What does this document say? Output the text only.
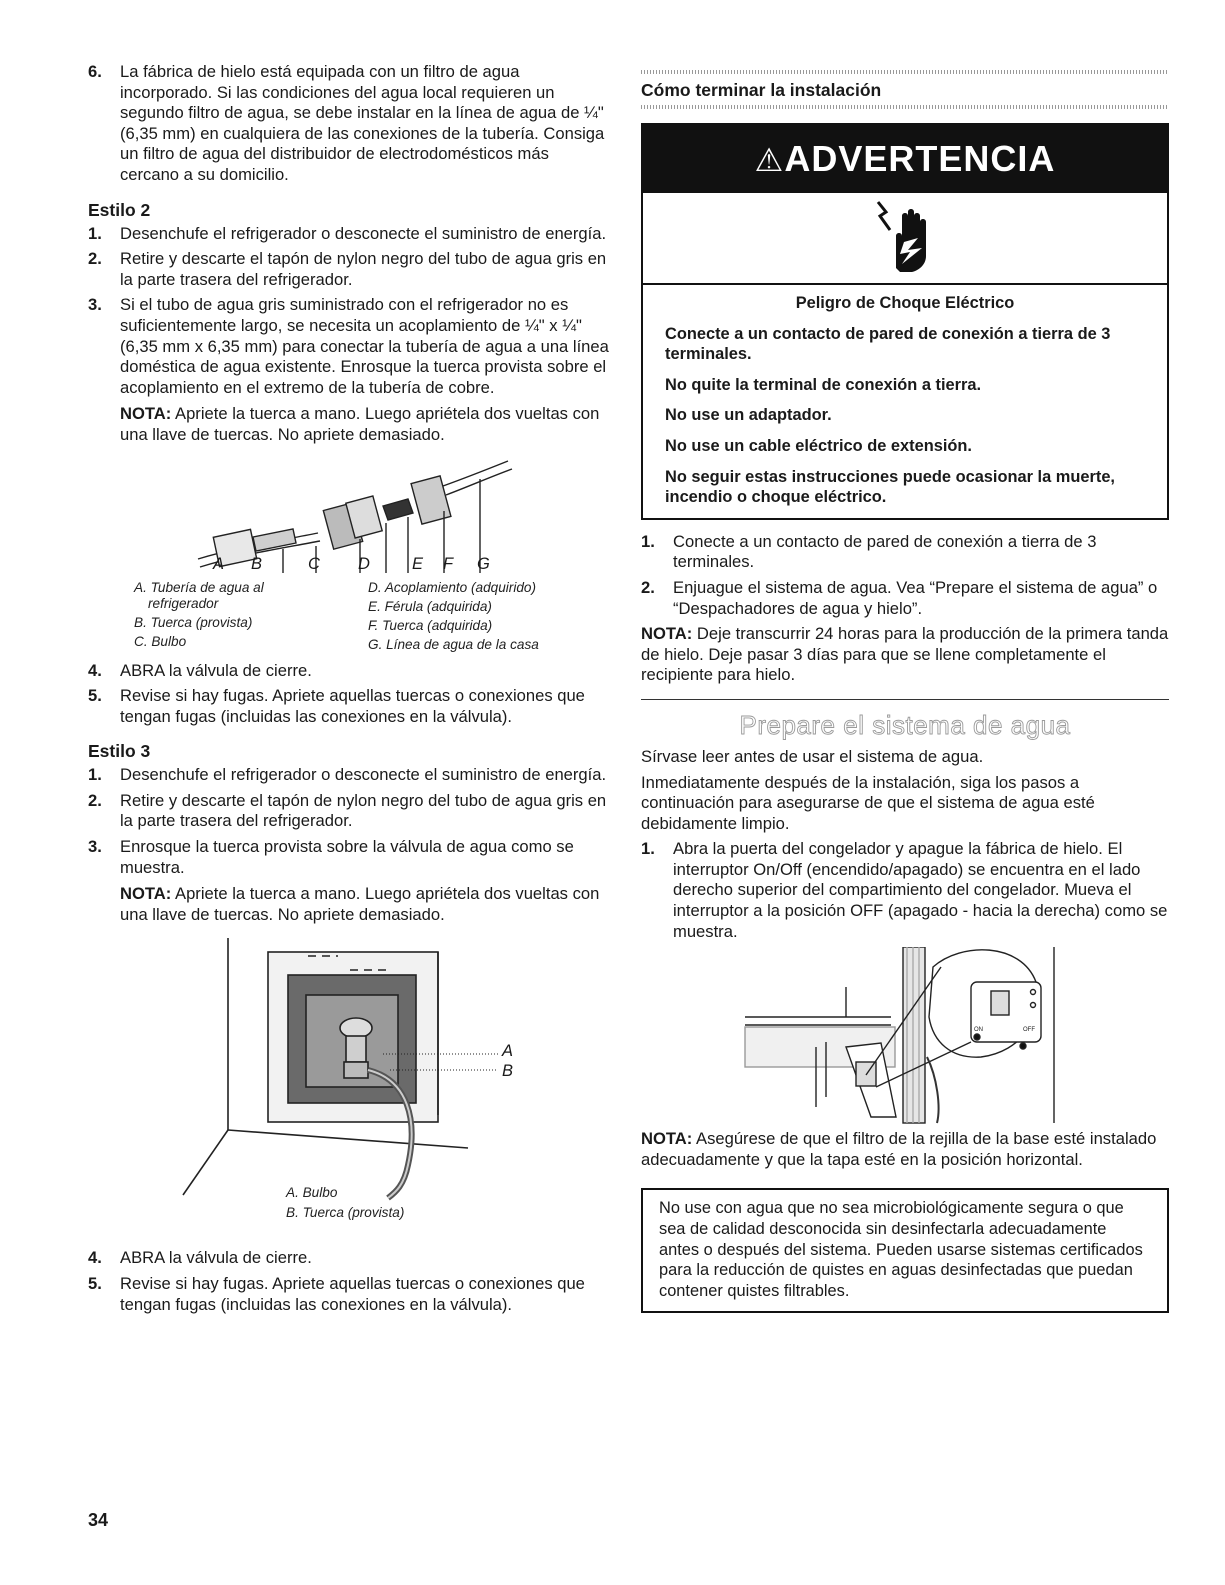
6. La fábrica de hielo está equipada con un filtro de agua incorporado. Si las condiciones del agua local requieren un segundo filtro de agua, se debe instalar en la línea de agua de ¼" (6,35 mm) en cualquiera de las conexiones de la tubería. Consiga un filtro de agua del distribuidor de electrodomésticos más cercano a su domicilio.
Estilo 2
1. Desenchufe el refrigerador o desconecte el suministro de energía.
2. Retire y descarte el tapón de nylon negro del tubo de agua gris en la parte trasera del refrigerador.
3. Si el tubo de agua gris suministrado con el refrigerador no es suficientemente largo, se necesita un acoplamiento de ¼" x ¼" (6,35 mm x 6,35 mm) para conectar la tubería de agua a una línea doméstica de agua existente. Enrosque la tuerca provista sobre el acoplamiento en el extremo de la tubería de cobre.

NOTA: Apriete la tuerca a mano. Luego apriétela dos vueltas con una llave de tuercas. No apriete demasiado.

A B	C D	E F G
A. Tubería de agua al
refrigerador
B. Tuerca (provista)
C. Bulbo
D. Acoplamiento (adquirido)
E. Férula (adquirida)
F. Tuerca (adquirida)
G. Línea de agua de la casa
4. ABRA la válvula de cierre.
5. Revise si hay fugas. Apriete aquellas tuercas o conexiones que tengan fugas (incluidas las conexiones en la válvula).
Estilo 3
1. Desenchufe el refrigerador o desconecte el suministro de energía.
2. Retire y descarte el tapón de nylon negro del tubo de agua gris en la parte trasera del refrigerador.
3. Enrosque la tuerca provista sobre la válvula de agua como se muestra.

NOTA: Apriete la tuerca a mano. Luego apriétela dos vueltas con una llave de tuercas. No apriete demasiado.

A
B
A. Bulbo
B. Tuerca (provista)
4. ABRA la válvula de cierre.
5. Revise si hay fugas. Apriete aquellas tuercas o conexiones que tengan fugas (incluidas las conexiones en la válvula).
Cómo terminar la instalación
⚠ADVERTENCIA

Peligro de Choque Eléctrico

Conecte a un contacto de pared de conexión a tierra de 3 terminales.

No quite la terminal de conexión a tierra.

No use un adaptador.

No use un cable eléctrico de extensión.

No seguir estas instrucciones puede ocasionar la muerte, incendio o choque eléctrico.

1. Conecte a un contacto de pared de conexión a tierra de 3 terminales.
2. Enjuague el sistema de agua. Vea “Prepare el sistema de agua” o “Despachadores de agua y hielo”.

NOTA: Deje transcurrir 24 horas para la producción de la primera tanda de hielo. Deje pasar 3 días para que se llene completamente el recipiente para hielo.

Prepare el sistema de agua

Sírvase leer antes de usar el sistema de agua.

Inmediatamente después de la instalación, siga los pasos a continuación para asegurarse de que el sistema de agua esté debidamente limpio.

1. Abra la puerta del congelador y apague la fábrica de hielo. El interruptor On/Off (encendido/apagado) se encuentra en el lado derecho superior del compartimiento del congelador. Mueva el interruptor a la posición OFF (apagado - hacia la derecha) como se muestra.
ON	OFF

NOTA: Asegúrese de que el filtro de la rejilla de la base esté instalado adecuadamente y que la tapa esté en la posición horizontal.

No use con agua que no sea microbiológicamente segura o que sea de calidad desconocida sin desinfectarla adecuadamente antes o después del sistema. Pueden usarse sistemas certificados para la reducción de quistes en aguas desinfectadas que puedan contener quistes filtrables.
34
